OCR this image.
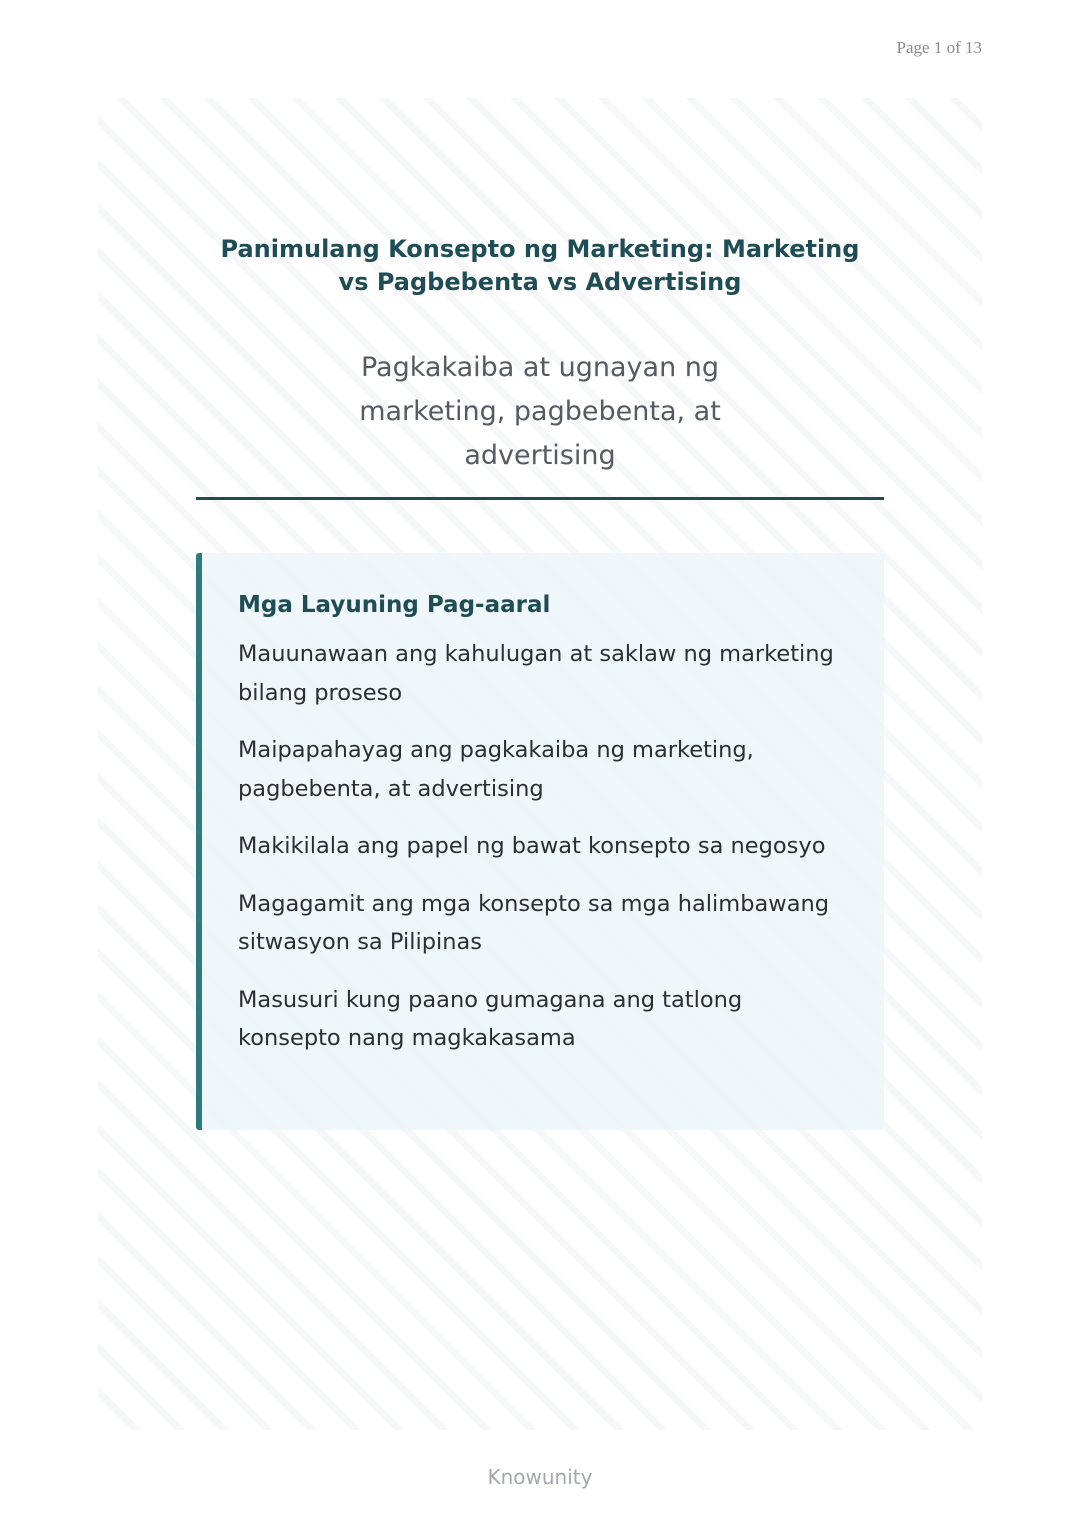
Page 1 of 13
Panimulang Konsepto ng Marketing: Marketing vs Pagbebenta vs Advertising
Pagkakaiba at ugnayan ng marketing, pagbebenta, at advertising
Mga Layuning Pag-aaral
Mauunawaan ang kahulugan at saklaw ng marketing bilang proseso
Maipapahayag ang pagkakaiba ng marketing, pagbebenta, at advertising
Makikilala ang papel ng bawat konsepto sa negosyo
Magagamit ang mga konsepto sa mga halimbawang sitwasyon sa Pilipinas
Masusuri kung paano gumagana ang tatlong konsepto nang magkakasama
Knowunity
